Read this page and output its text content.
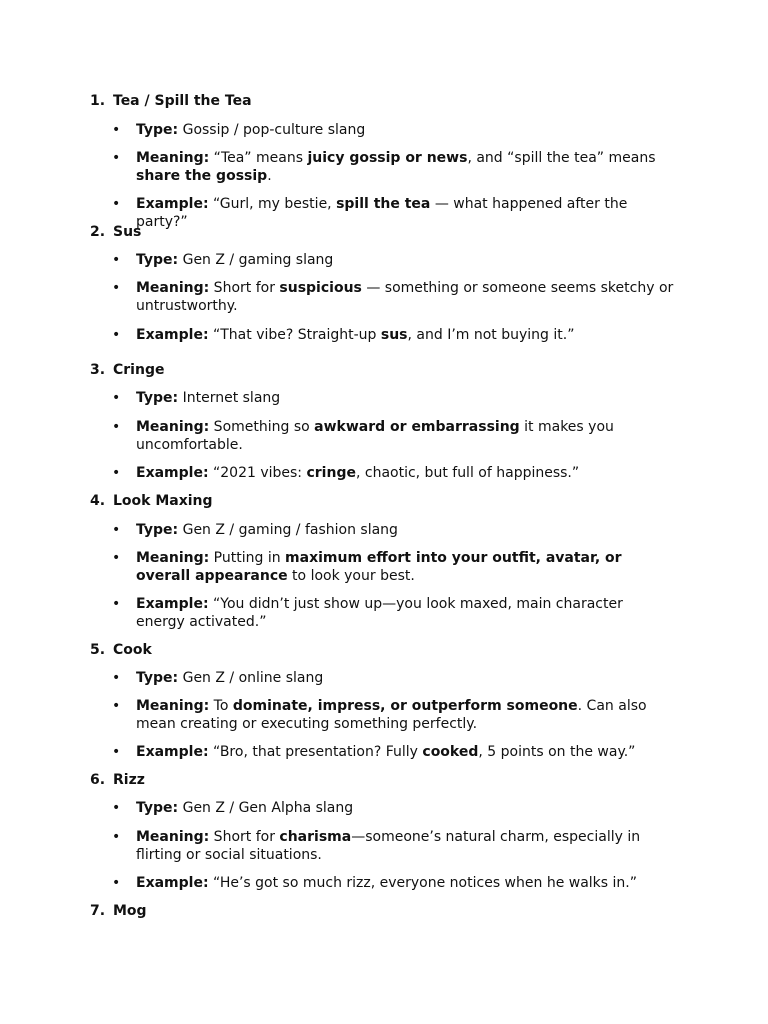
1. Tea / Spill the Tea
• Type: Gossip / pop-culture slang
• Meaning: “Tea” means juicy gossip or news, and “spill the tea” means share the gossip.
• Example: “Gurl, my bestie, spill the tea — what happened after the party?”
2. Sus
• Type: Gen Z / gaming slang
• Meaning: Short for suspicious — something or someone seems sketchy or untrustworthy.
• Example: “That vibe? Straight-up sus, and I’m not buying it.”
3. Cringe
• Type: Internet slang
• Meaning: Something so awkward or embarrassing it makes you uncomfortable.
• Example: “2021 vibes: cringe, chaotic, but full of happiness.”
4. Look Maxing
• Type: Gen Z / gaming / fashion slang
• Meaning: Putting in maximum effort into your outfit, avatar, or overall appearance to look your best.
• Example: “You didn’t just show up—you look maxed, main character energy activated.”
5. Cook
• Type: Gen Z / online slang
• Meaning: To dominate, impress, or outperform someone. Can also mean creating or executing something perfectly.
• Example: “Bro, that presentation? Fully cooked, 5 points on the way.”
6. Rizz
• Type: Gen Z / Gen Alpha slang
• Meaning: Short for charisma—someone’s natural charm, especially in flirting or social situations.
• Example: “He’s got so much rizz, everyone notices when he walks in.”
7. Mog
